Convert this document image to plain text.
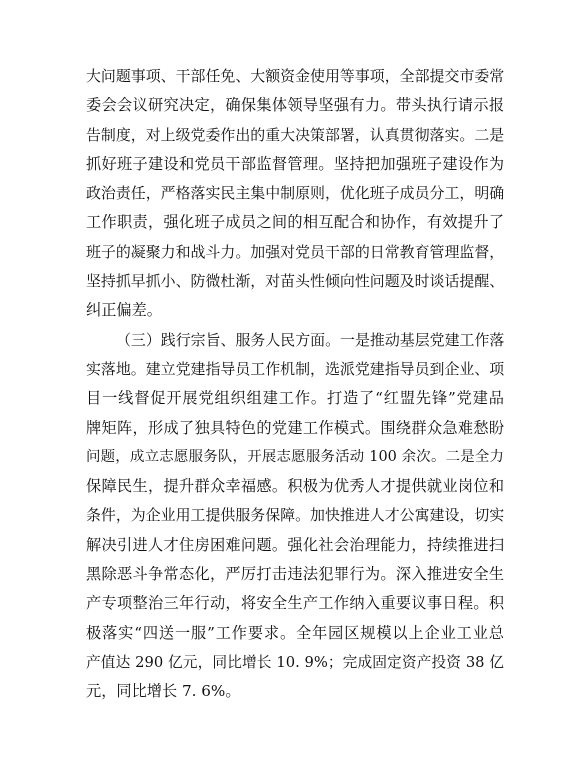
大问题事项、干部任免、大额资金使用等事项，全部提交市委常
委会会议研究决定，确保集体领导坚强有力。带头执行请示报
告制度，对上级党委作出的重大决策部署，认真贯彻落实。二是
抓好班子建设和党员干部监督管理。坚持把加强班子建设作为
政治责任，严格落实民主集中制原则，优化班子成员分工，明确
工作职责，强化班子成员之间的相互配合和协作，有效提升了
班子的凝聚力和战斗力。加强对党员干部的日常教育管理监督，
坚持抓早抓小、防微杜渐，对苗头性倾向性问题及时谈话提醒、
纠正偏差。
（三）践行宗旨、服务人民方面。一是推动基层党建工作落
实落地。建立党建指导员工作机制，选派党建指导员到企业、项
目一线督促开展党组织组建工作。打造了“红盟先锋”党建品
牌矩阵，形成了独具特色的党建工作模式。围绕群众急难愁盼
问题，成立志愿服务队，开展志愿服务活动 100 余次。二是全力
保障民生，提升群众幸福感。积极为优秀人才提供就业岗位和
条件，为企业用工提供服务保障。加快推进人才公寓建设，切实
解决引进人才住房困难问题。强化社会治理能力，持续推进扫
黑除恶斗争常态化，严厉打击违法犯罪行为。深入推进安全生
产专项整治三年行动，将安全生产工作纳入重要议事日程。积
极落实“四送一服”工作要求。全年园区规模以上企业工业总
产值达 290 亿元，同比增长 10. 9%；完成固定资产投资 38 亿
元，同比增长 7. 6%。
